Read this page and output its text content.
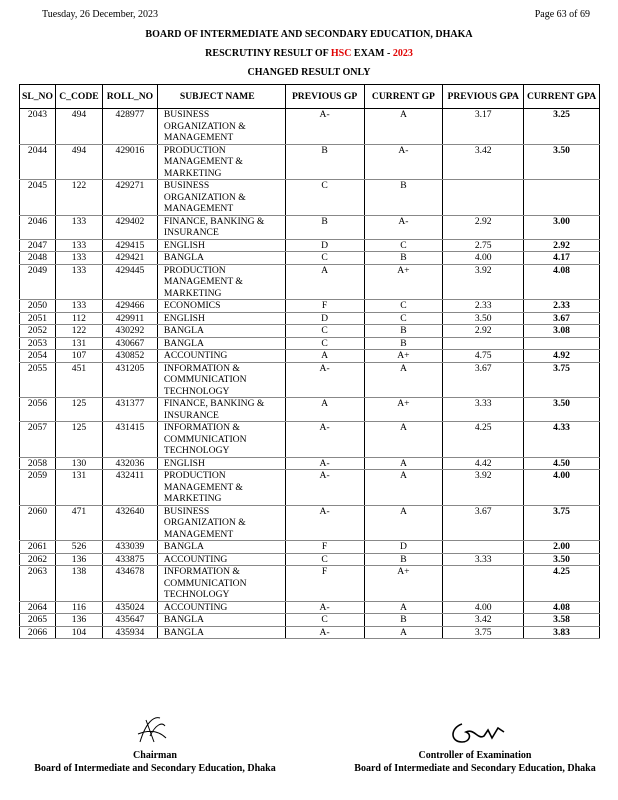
Tuesday, 26 December, 2023	Page 63 of 69
BOARD OF INTERMEDIATE AND SECONDARY EDUCATION, DHAKA
RESCRUTINY RESULT OF HSC EXAM - 2023
CHANGED RESULT ONLY
SL_NO	C_CODE	ROLL_NO	SUBJECT NAME	PREVIOUS GP	CURRENT GP	PREVIOUS GPA	CURRENT GPA
2043	494	428977	BUSINESS ORGANIZATION & MANAGEMENT	A-	A	3.17	3.25
2044	494	429016	PRODUCTION MANAGEMENT & MARKETING	B	A-	3.42	3.50
2045	122	429271	BUSINESS ORGANIZATION & MANAGEMENT	C	B		
2046	133	429402	FINANCE, BANKING & INSURANCE	B	A-	2.92	3.00
2047	133	429415	ENGLISH	D	C	2.75	2.92
2048	133	429421	BANGLA	C	B	4.00	4.17
2049	133	429445	PRODUCTION MANAGEMENT & MARKETING	A	A+	3.92	4.08
2050	133	429466	ECONOMICS	F	C	2.33	2.33
2051	112	429911	ENGLISH	D	C	3.50	3.67
2052	122	430292	BANGLA	C	B	2.92	3.08
2053	131	430667	BANGLA	C	B		
2054	107	430852	ACCOUNTING	A	A+	4.75	4.92
2055	451	431205	INFORMATION & COMMUNICATION TECHNOLOGY	A-	A	3.67	3.75
2056	125	431377	FINANCE, BANKING & INSURANCE	A	A+	3.33	3.50
2057	125	431415	INFORMATION & COMMUNICATION TECHNOLOGY	A-	A	4.25	4.33
2058	130	432036	ENGLISH	A-	A	4.42	4.50
2059	131	432411	PRODUCTION MANAGEMENT & MARKETING	A-	A	3.92	4.00
2060	471	432640	BUSINESS ORGANIZATION & MANAGEMENT	A-	A	3.67	3.75
2061	526	433039	BANGLA	F	D		2.00
2062	136	433875	ACCOUNTING	C	B	3.33	3.50
2063	138	434678	INFORMATION & COMMUNICATION TECHNOLOGY	F	A+		4.25
2064	116	435024	ACCOUNTING	A-	A	4.00	4.08
2065	136	435647	BANGLA	C	B	3.42	3.58
2066	104	435934	BANGLA	A-	A	3.75	3.83
Chairman
Board of Intermediate and Secondary Education, Dhaka
Controller of Examination
Board of Intermediate and Secondary Education, Dhaka
